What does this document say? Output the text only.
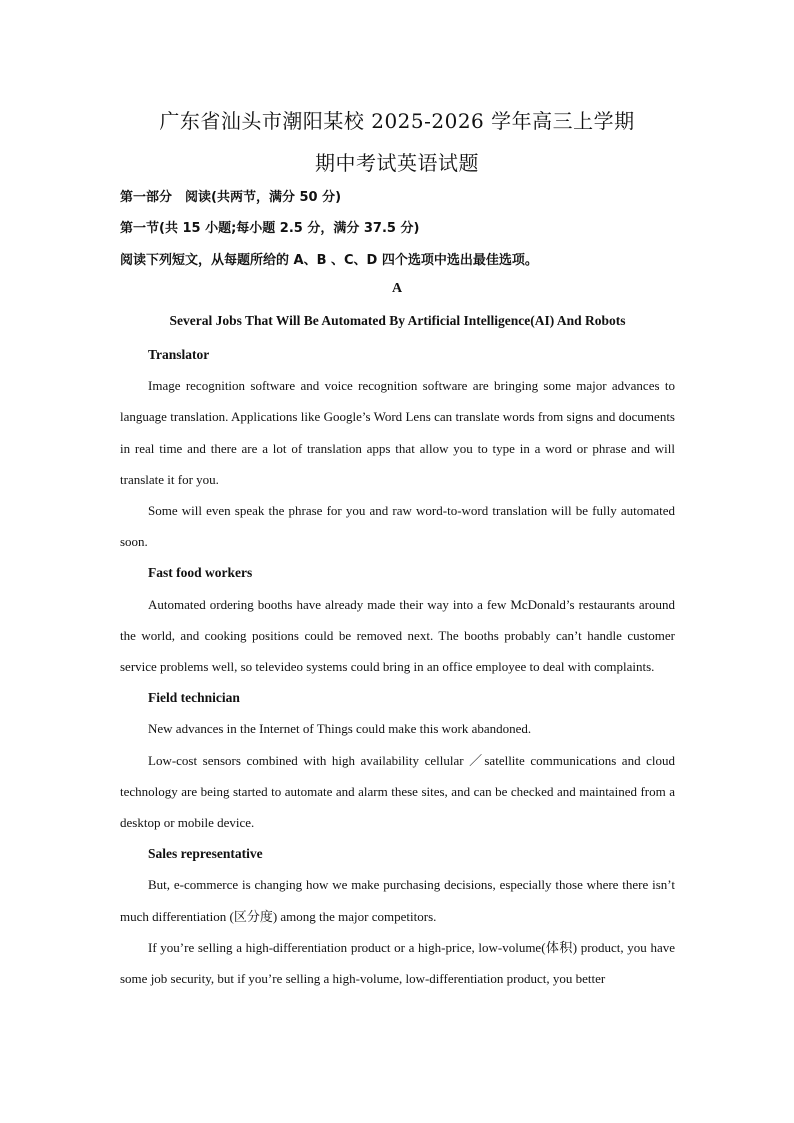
广东省汕头市潮阳某校 2025-2026 学年高三上学期
期中考试英语试题
第一部分　阅读(共两节，满分 50 分)
第一节(共 15 小题;每小题 2.5 分，满分 37.5 分)
阅读下列短文，从每题所给的 A、B 、C、D 四个选项中选出最佳选项。
A
Several Jobs That Will Be Automated By Artificial Intelligence(AI) And Robots
Translator

Image recognition software and voice recognition software are bringing some major advances to language translation. Applications like Google’s Word Lens can translate words from signs and documents in real time and there are a lot of translation apps that allow you to type in a word or phrase and will translate it for you.

Some will even speak the phrase for you and raw word-to-word translation will be fully automated soon.

Fast food workers

Automated ordering booths have already made their way into a few McDonald’s restaurants around the world, and cooking positions could be removed next. The booths probably can’t handle customer service problems well, so televideo systems could bring in an office employee to deal with complaints.

Field technician

New advances in the Internet of Things could make this work abandoned.

Low-cost sensors combined with high availability cellular ／satellite communications and cloud technology are being started to automate and alarm these sites, and can be checked and maintained from a desktop or mobile device.

Sales representative

But, e-commerce is changing how we make purchasing decisions, especially those where there isn’t much differentiation (区分度) among the major competitors.

If you’re selling a high-differentiation product or a high-price, low-volume(体积) product, you have some job security, but if you’re selling a high-volume, low-differentiation product, you better
